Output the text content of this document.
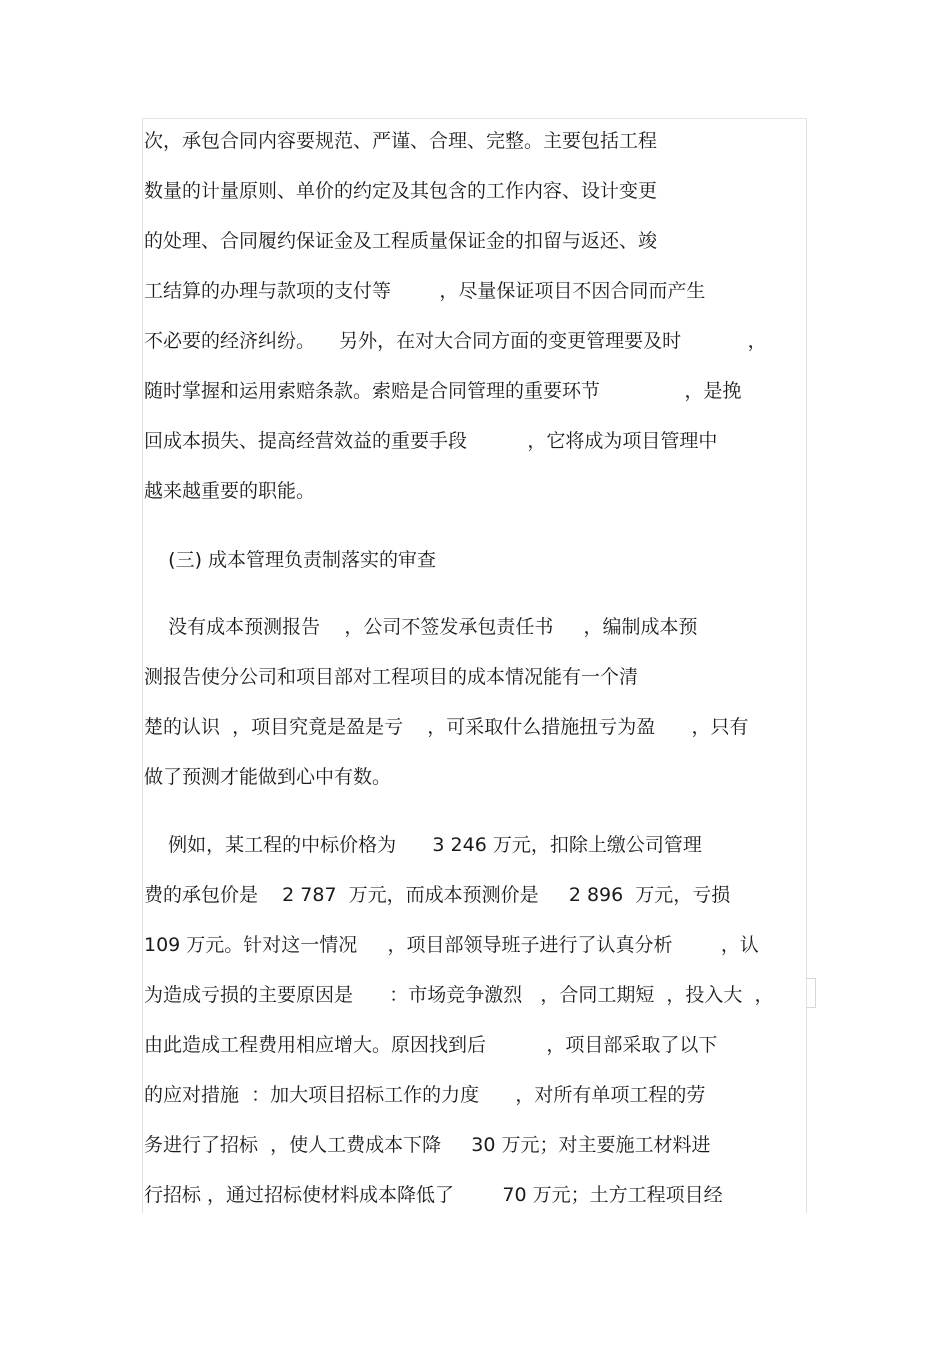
次，承包合同内容要规范、严谨、合理、完整。主要包括工程
数量的计量原则、单价的约定及其包含的工作内容、设计变更
的处理、合同履约保证金及工程质量保证金的扣留与返还、竣
工结算的办理与款项的支付等        ，尽量保证项目不因合同而产生
不必要的经济纠纷。    另外，在对大合同方面的变更管理要及时           ，
随时掌握和运用索赔条款。索赔是合同管理的重要环节              ，是挽
回成本损失、提高经营效益的重要手段          ，它将成为项目管理中
越来越重要的职能。
(三) 成本管理负责制落实的审查
没有成本预测报告    ，公司不签发承包责任书     ，编制成本预
测报告使分公司和项目部对工程项目的成本情况能有一个清
楚的认识  ，项目究竟是盈是亏    ，可采取什么措施扭亏为盈      ，只有
做了预测才能做到心中有数。
例如，某工程的中标价格为      3 246 万元，扣除上缴公司管理
费的承包价是    2 787  万元，而成本预测价是     2 896  万元，亏损
109 万元。针对这一情况     ，项目部领导班子进行了认真分析        ，认
为造成亏损的主要原因是      ：市场竞争激烈   ，合同工期短  ，投入大  ，
由此造成工程费用相应增大。原因找到后          ，项目部采取了以下
的应对措施  ：加大项目招标工作的力度      ，对所有单项工程的劳
务进行了招标  ，使人工费成本下降     30 万元；对主要施工材料进
行招标 ，通过招标使材料成本降低了        70 万元；土方工程项目经
